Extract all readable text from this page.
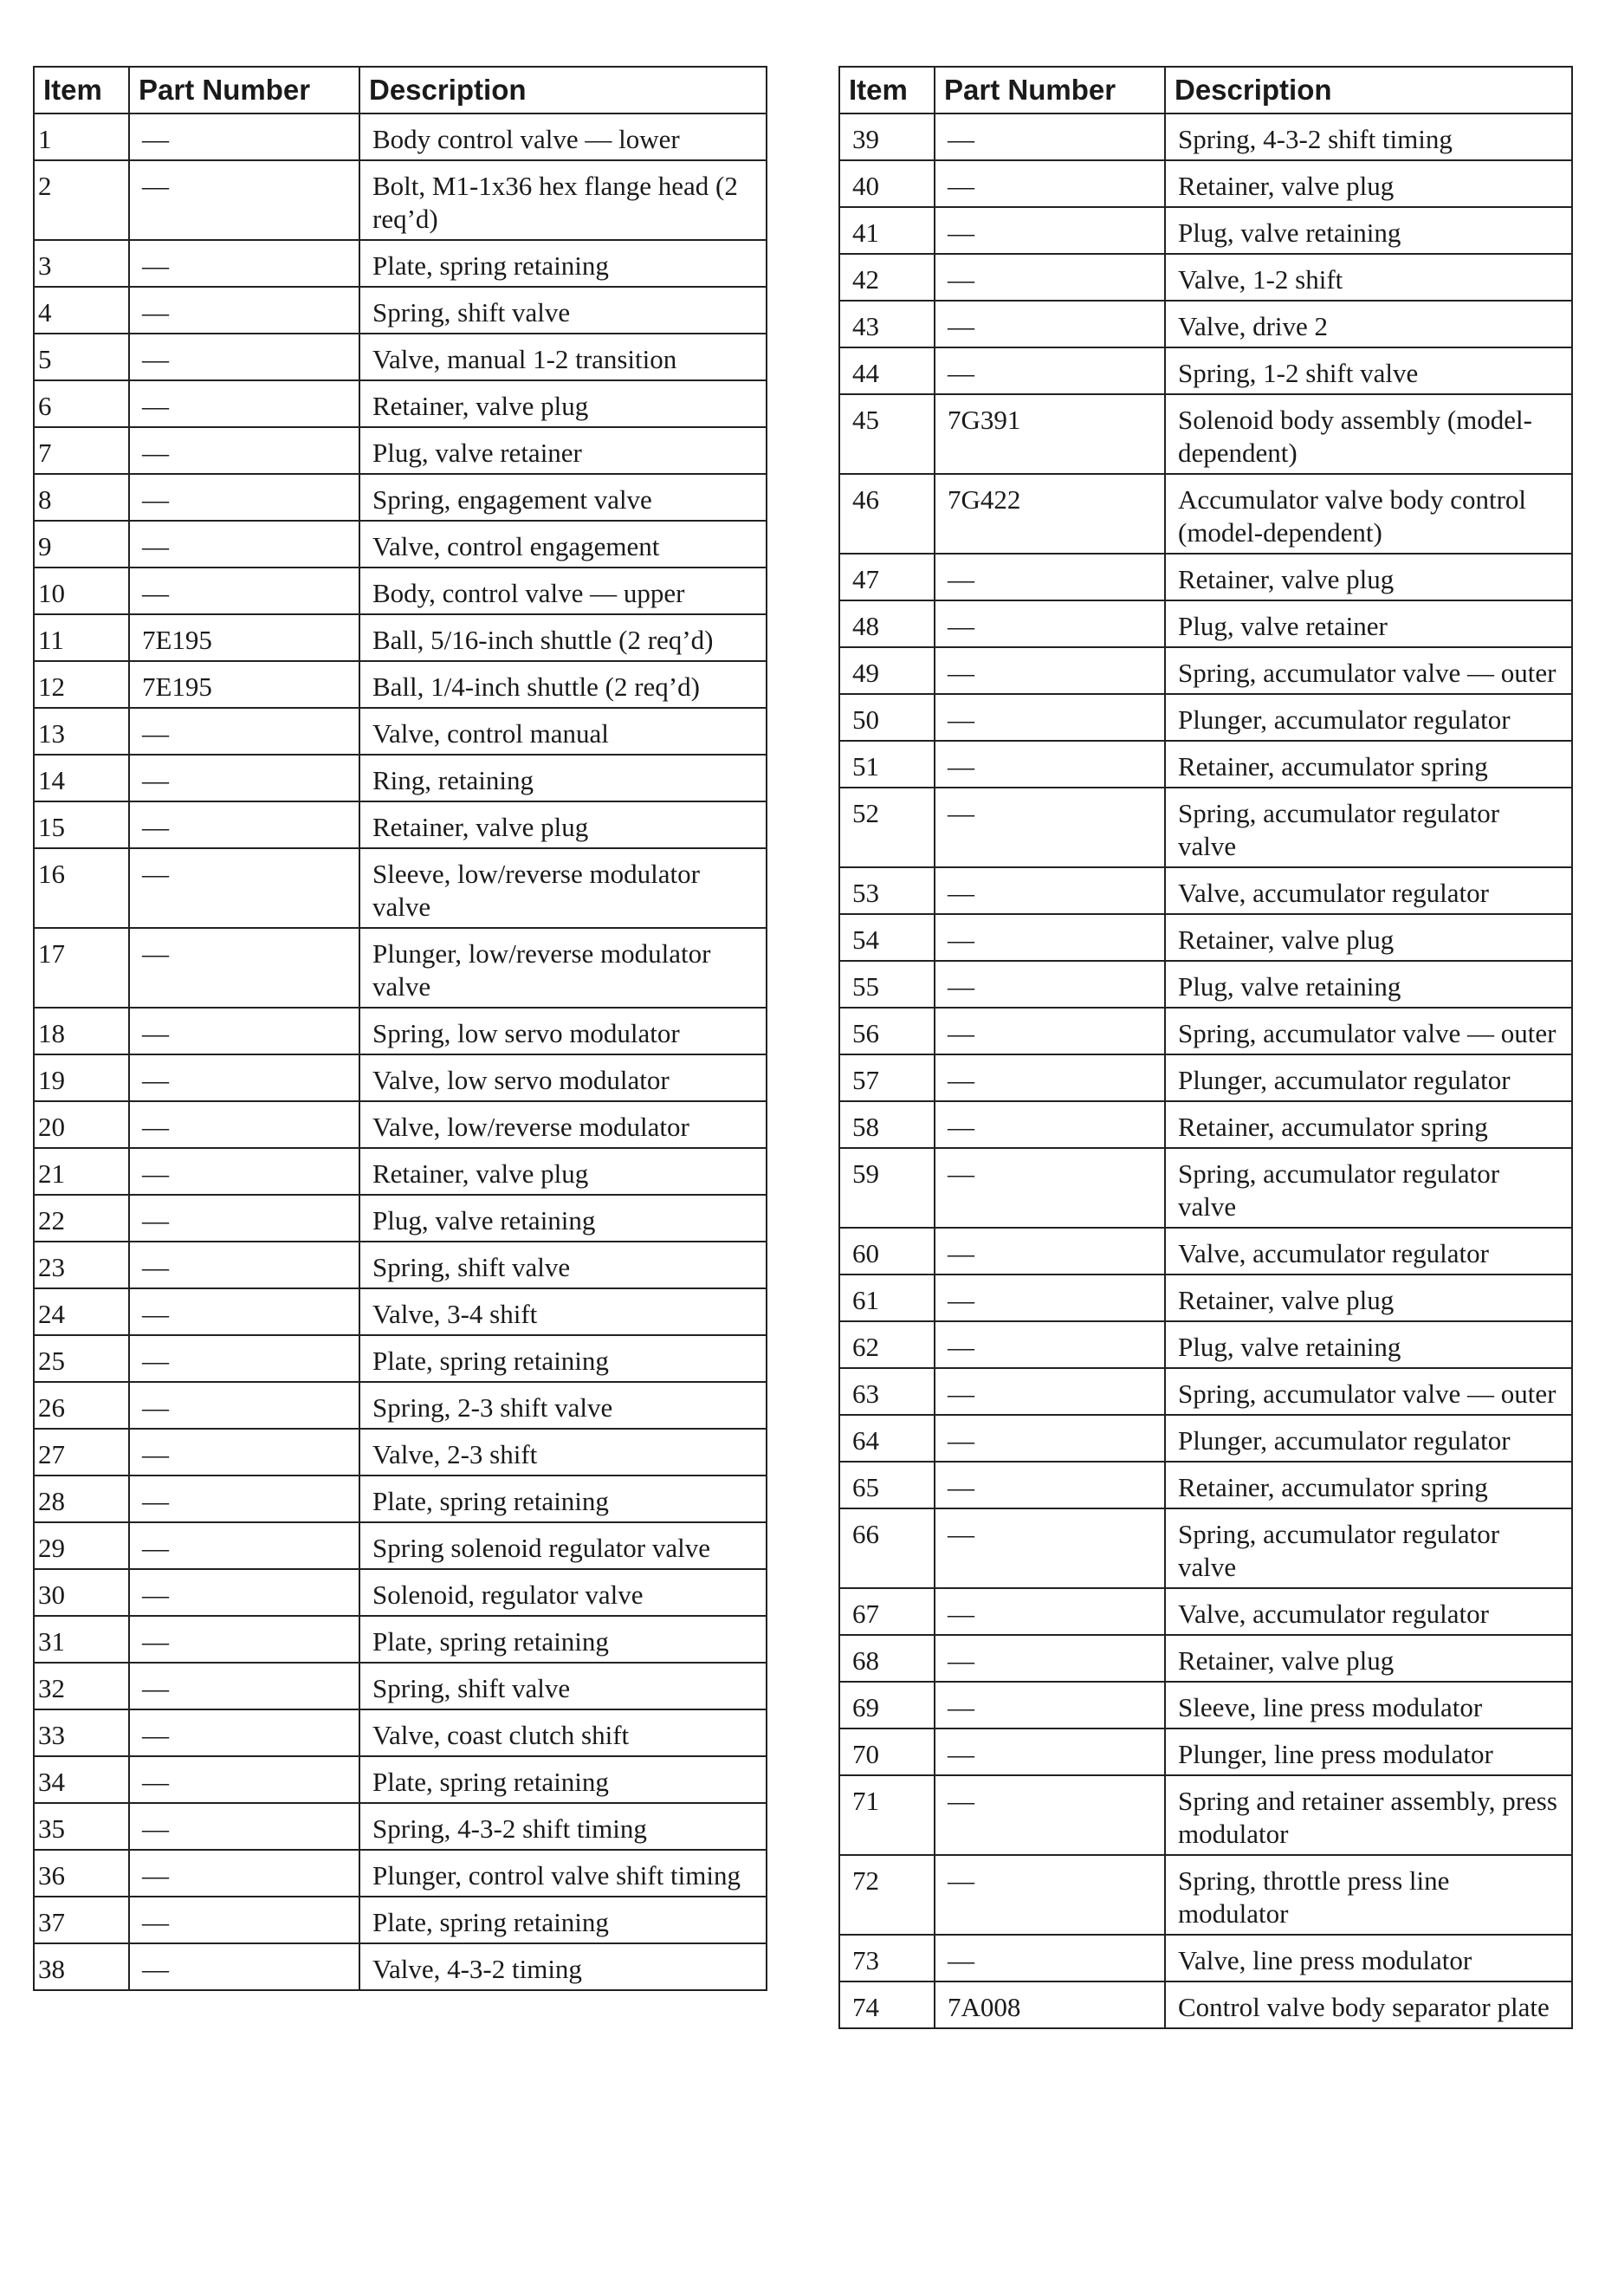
Item	Part Number	Description
1	—	Body control valve — lower
2	—	Bolt, M1-1x36 hex flange head (2 req’d)
3	—	Plate, spring retaining
4	—	Spring, shift valve
5	—	Valve, manual 1-2 transition
6	—	Retainer, valve plug
7	—	Plug, valve retainer
8	—	Spring, engagement valve
9	—	Valve, control engagement
10	—	Body, control valve — upper
11	7E195	Ball, 5/16-inch shuttle (2 req’d)
12	7E195	Ball, 1/4-inch shuttle (2 req’d)
13	—	Valve, control manual
14	—	Ring, retaining
15	—	Retainer, valve plug
16	—	Sleeve, low/reverse modulator valve
17	—	Plunger, low/reverse modulator valve
18	—	Spring, low servo modulator
19	—	Valve, low servo modulator
20	—	Valve, low/reverse modulator
21	—	Retainer, valve plug
22	—	Plug, valve retaining
23	—	Spring, shift valve
24	—	Valve, 3-4 shift
25	—	Plate, spring retaining
26	—	Spring, 2-3 shift valve
27	—	Valve, 2-3 shift
28	—	Plate, spring retaining
29	—	Spring solenoid regulator valve
30	—	Solenoid, regulator valve
31	—	Plate, spring retaining
32	—	Spring, shift valve
33	—	Valve, coast clutch shift
34	—	Plate, spring retaining
35	—	Spring, 4-3-2 shift timing
36	—	Plunger, control valve shift timing
37	—	Plate, spring retaining
38	—	Valve, 4-3-2 timing
Item	Part Number	Description
39	—	Spring, 4-3-2 shift timing
40	—	Retainer, valve plug
41	—	Plug, valve retaining
42	—	Valve, 1-2 shift
43	—	Valve, drive 2
44	—	Spring, 1-2 shift valve
45	7G391	Solenoid body assembly (model-dependent)
46	7G422	Accumulator valve body control (model-dependent)
47	—	Retainer, valve plug
48	—	Plug, valve retainer
49	—	Spring, accumulator valve — outer
50	—	Plunger, accumulator regulator
51	—	Retainer, accumulator spring
52	—	Spring, accumulator regulator valve
53	—	Valve, accumulator regulator
54	—	Retainer, valve plug
55	—	Plug, valve retaining
56	—	Spring, accumulator valve — outer
57	—	Plunger, accumulator regulator
58	—	Retainer, accumulator spring
59	—	Spring, accumulator regulator valve
60	—	Valve, accumulator regulator
61	—	Retainer, valve plug
62	—	Plug, valve retaining
63	—	Spring, accumulator valve — outer
64	—	Plunger, accumulator regulator
65	—	Retainer, accumulator spring
66	—	Spring, accumulator regulator valve
67	—	Valve, accumulator regulator
68	—	Retainer, valve plug
69	—	Sleeve, line press modulator
70	—	Plunger, line press modulator
71	—	Spring and retainer assembly, press modulator
72	—	Spring, throttle press line modulator
73	—	Valve, line press modulator
74	7A008	Control valve body separator plate
